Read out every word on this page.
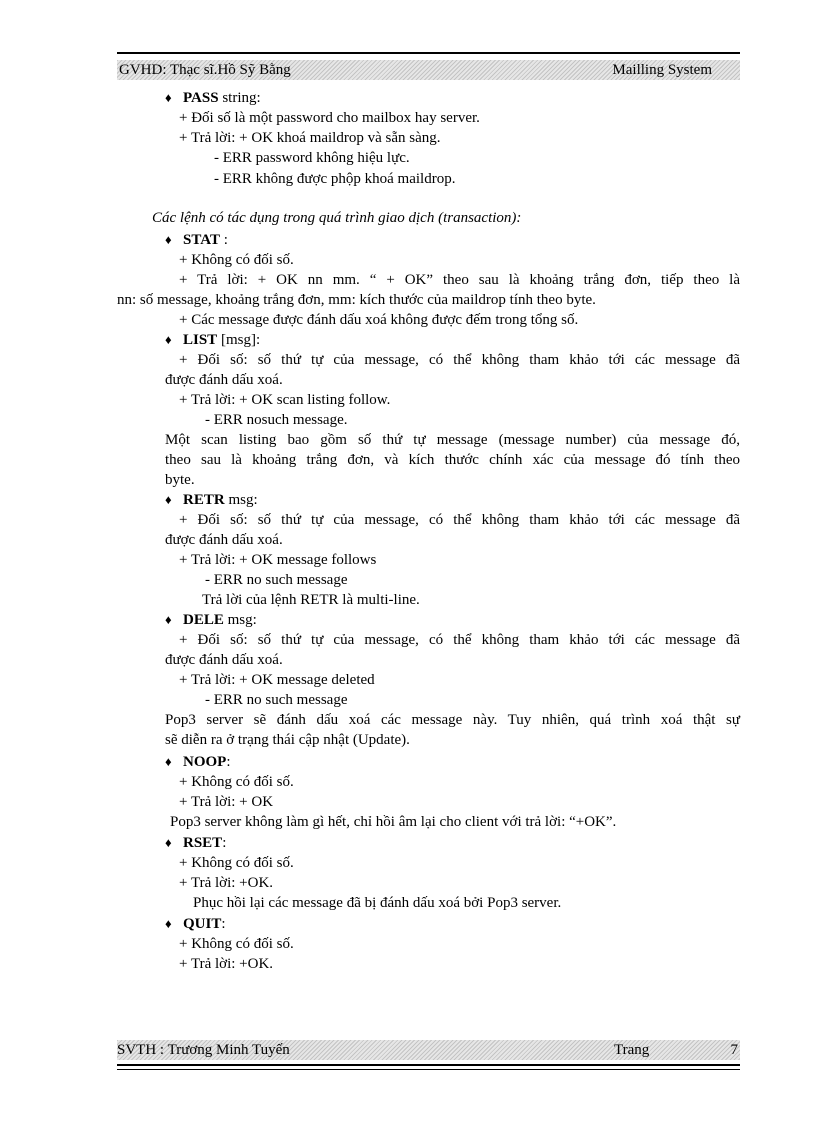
GVHD: Thạc sĩ.Hồ Sỹ Bằng	Mailling System
♦ PASS string:
+ Đối số là một password cho mailbox hay server.
+ Trả lời: + OK khoá maildrop và sẵn sàng.
- ERR password không hiệu lực.
- ERR không được phộp khoá maildrop.
Các lệnh có tác dụng trong quá trình giao dịch (transaction):
♦ STAT :
+ Không có đối số.
+ Trả lời: + OK nn mm. “ + OK” theo sau là khoảng trắng đơn, tiếp theo là
nn: số message, khoảng trắng đơn, mm: kích thước của maildrop tính theo byte.
+ Các message được đánh dấu xoá không được đếm trong tổng số.
♦ LIST [msg]:
+ Đối số: số thứ tự của message, có thể không tham khảo tới các message đã
được đánh dấu xoá.
+ Trả lời: + OK scan listing follow.
- ERR nosuch message.
Một scan listing bao gồm số thứ tự message (message number) của message đó,
theo sau là khoảng trắng đơn, và kích thước chính xác của message đó tính theo
byte.
♦ RETR msg:
+ Đối số: số thứ tự của message, có thể không tham khảo tới các message đã
được đánh dấu xoá.
+ Trả lời: + OK message follows
- ERR no such message
Trả lời của lệnh RETR là multi-line.
♦ DELE msg:
+ Đối số: số thứ tự của message, có thể không tham khảo tới các message đã
được đánh dấu xoá.
+ Trả lời: + OK message deleted
- ERR no such message
Pop3 server sẽ đánh dấu xoá các message này. Tuy nhiên, quá trình xoá thật sự
sẽ diễn ra ở trạng thái cập nhật (Update).
♦ NOOP:
+ Không có đối số.
+ Trả lời: + OK
Pop3 server không làm gì hết, chỉ hồi âm lại cho client với trả lời: “+OK”.
♦ RSET:
+ Không có đối số.
+ Trả lời: +OK.
Phục hồi lại các message đã bị đánh dấu xoá bởi Pop3 server.
♦ QUIT:
+ Không có đối số.
+ Trả lời: +OK.
SVTH : Trương Minh Tuyến	Trang	7
